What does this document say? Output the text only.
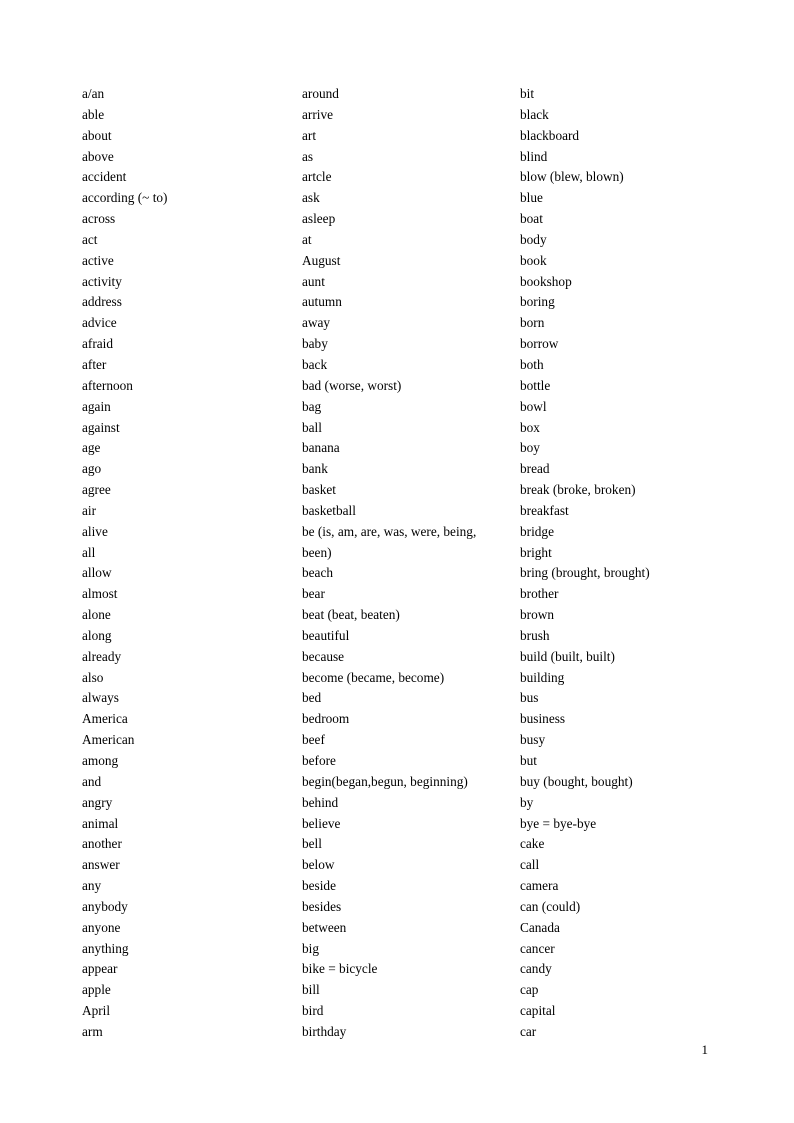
a/an
able
about
above
accident
according (~ to)
across
act
active
activity
address
advice
afraid
after
afternoon
again
against
age
ago
agree
air
alive
all
allow
almost
alone
along
already
also
always
America
American
among
and
angry
animal
another
answer
any
anybody
anyone
anything
appear
apple
April
arm
around
arrive
art
as
artcle
ask
asleep
at
August
aunt
autumn
away
baby
back
bad (worse, worst)
bag
ball
banana
bank
basket
basketball
be (is, am, are, was, were, being,
been)
beach
bear
beat (beat, beaten)
beautiful
because
become (became, become)
bed
bedroom
beef
before
begin(began,begun, beginning)
behind
believe
bell
below
beside
besides
between
big
bike = bicycle
bill
bird
birthday
bit
black
blackboard
blind
blow (blew, blown)
blue
boat
body
book
bookshop
boring
born
borrow
both
bottle
bowl
box
boy
bread
break (broke, broken)
breakfast
bridge
bright
bring (brought, brought)
brother
brown
brush
build (built, built)
building
bus
business
busy
but
buy (bought, bought)
by
bye = bye-bye
cake
call
camera
can (could)
Canada
cancer
candy
cap
capital
car
1
